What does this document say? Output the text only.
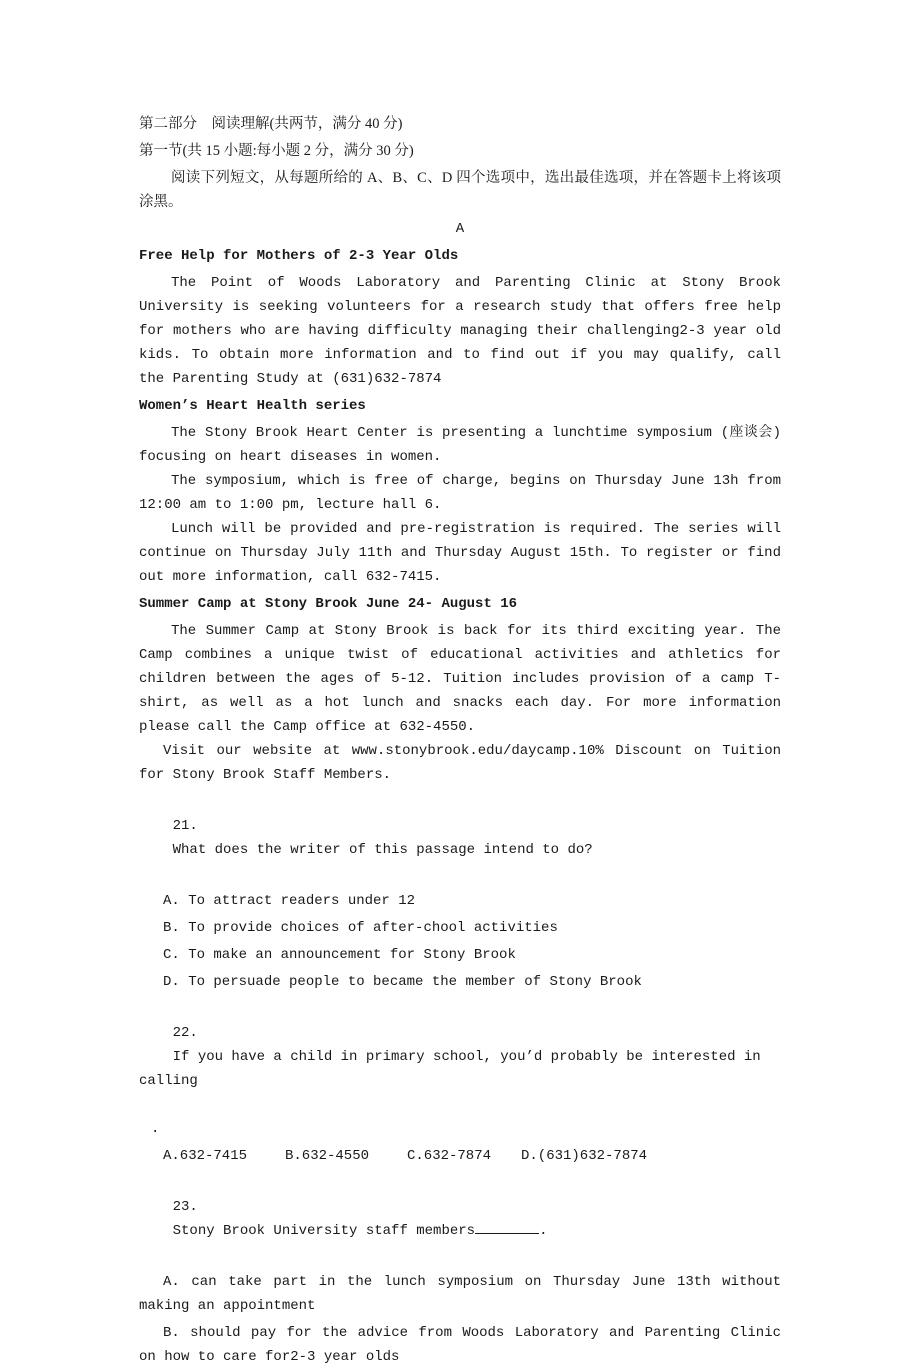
第二部分　阅读理解(共两节，满分 40 分)

第一节(共 15 小题:每小题 2 分，满分 30 分)

阅读下列短文，从每题所给的 A、B、C、D 四个选项中，选出最佳选项，并在答题卡上将该项涂黑。

A

Free Help for Mothers of 2-3 Year Olds

The Point of Woods Laboratory and Parenting Clinic at Stony Brook University is seeking volunteers for a research study that offers free help for mothers who are having difficulty managing their challenging2-3 year old kids. To obtain more information and to find out if you may qualify, call the Parenting Study at (631)632-7874

Women’s Heart Health series

The Stony Brook Heart Center is presenting a lunchtime symposium (座谈会) focusing on heart diseases in women.

The symposium, which is free of charge, begins on Thursday June 13h from 12:00 am to 1:00 pm, lecture hall 6.

Lunch will be provided and pre-registration is required. The series will continue on Thursday July 11th and Thursday August 15th. To register or find out more information, call 632-7415.

Summer Camp at Stony Brook June 24- August 16

The Summer Camp at Stony Brook is back for its third exciting year. The Camp combines a unique twist of educational activities and athletics for children between the ages of 5-12. Tuition includes provision of a camp T-shirt, as well as a hot lunch and snacks each day. For more information please call the Camp office at 632-4550.

Visit our website at www.stonybrook.edu/daycamp.10% Discount on Tuition for Stony Brook Staff Members.

21.
What does the writer of this passage intend to do?

A. To attract readers under 12
B. To provide choices of after-chool activities
C. To make an announcement for Stony Brook
D. To persuade people to became the member of Stony Brook

22.
If you have a child in primary school, you’d probably be interested in calling

.
A.632-7415	B.632-4550	C.632-7874	D.(631)632-7874

23.
Stony Brook University staff members	.

A. can take part in the lunch symposium on Thursday June 13th without making an appointment

B. should pay for the advice from Woods Laboratory and Parenting Clinic on how to care for2-3 year olds
